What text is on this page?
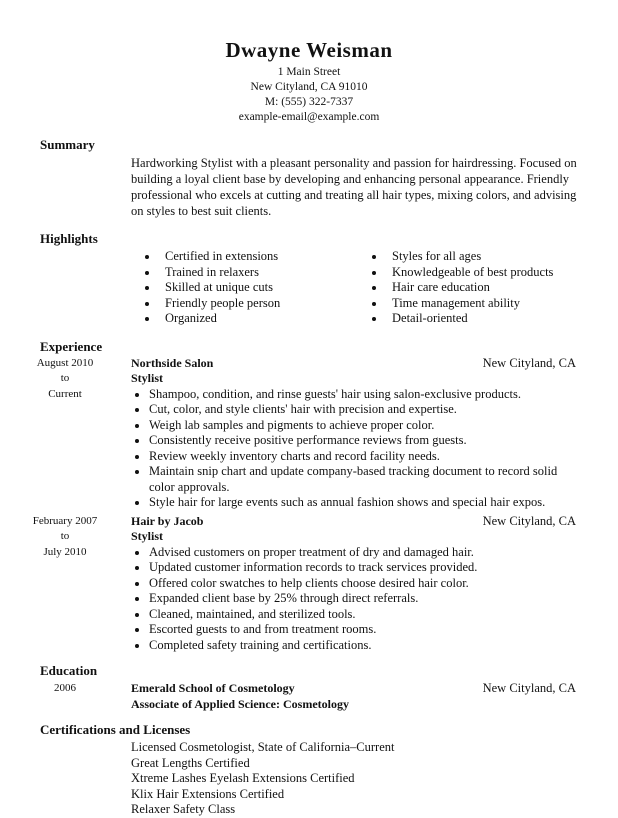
Dwayne Weisman
1 Main Street
New Cityland, CA 91010
M: (555) 322-7337
example-email@example.com
Summary
Hardworking Stylist with a pleasant personality and passion for hairdressing. Focused on building a loyal client base by developing and enhancing personal appearance. Friendly professional who excels at cutting and treating all hair types, mixing colors, and advising on styles to best suit clients.
Highlights
Certified in extensions
Trained in relaxers
Skilled at unique cuts
Friendly people person
Organized
Styles for all ages
Knowledgeable of best products
Hair care education
Time management ability
Detail-oriented
Experience
August 2010
to
Current
Northside Salon	New Cityland, CA
Stylist
Shampoo, condition, and rinse guests' hair using salon-exclusive products.
Cut, color, and style clients' hair with precision and expertise.
Weigh lab samples and pigments to achieve proper color.
Consistently receive positive performance reviews from guests.
Review weekly inventory charts and record facility needs.
Maintain snip chart and update company-based tracking document to record solid color approvals.
Style hair for large events such as annual fashion shows and special hair expos.
February 2007
to
July 2010
Hair by Jacob	New Cityland, CA
Stylist
Advised customers on proper treatment of dry and damaged hair.
Updated customer information records to track services provided.
Offered color swatches to help clients choose desired hair color.
Expanded client base by 25% through direct referrals.
Cleaned, maintained, and sterilized tools.
Escorted guests to and from treatment rooms.
Completed safety training and certifications.
Education
2006	Emerald School of Cosmetology	New Cityland, CA
Associate of Applied Science: Cosmetology
Certifications and Licenses
Licensed Cosmetologist, State of California–Current
Great Lengths Certified
Xtreme Lashes Eyelash Extensions Certified
Klix Hair Extensions Certified
Relaxer Safety Class
